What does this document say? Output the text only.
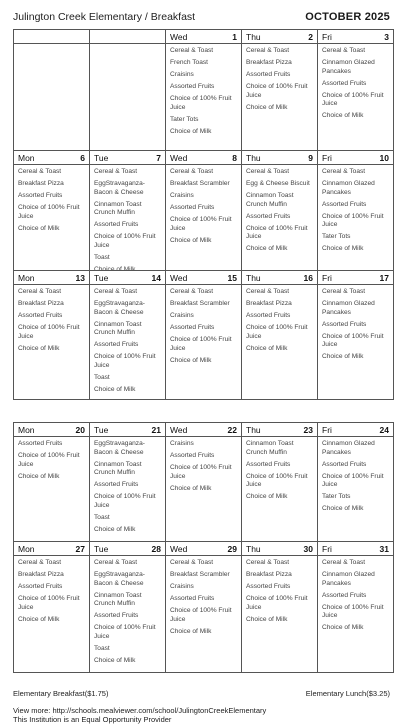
Julington Creek Elementary / Breakfast	OCTOBER 2025
Wed	1
Cereal & Toast
French Toast
Craisins
Assorted Fruits
Choice of 100% Fruit Juice
Tater Tots
Choice of Milk
Thu	2
Cereal & Toast
Breakfast Pizza
Assorted Fruits
Choice of 100% Fruit Juice
Choice of Milk
Fri	3
Cereal & Toast
Cinnamon Glazed Pancakes
Assorted Fruits
Choice of 100% Fruit Juice
Choice of Milk
Mon	6
Cereal & Toast
Breakfast Pizza
Assorted Fruits
Choice of 100% Fruit Juice
Choice of Milk
Tue	7
Cereal & Toast
EggStravaganza-Bacon & Cheese
Cinnamon Toast Crunch Muffin
Assorted Fruits
Choice of 100% Fruit Juice
Toast
Choice of Milk
Wed	8
Cereal & Toast
Breakfast Scrambler
Craisins
Assorted Fruits
Choice of 100% Fruit Juice
Choice of Milk
Thu	9
Cereal & Toast
Egg & Cheese Biscuit
Cinnamon Toast Crunch Muffin
Assorted Fruits
Choice of 100% Fruit Juice
Choice of Milk
Fri	10
Cereal & Toast
Cinnamon Glazed Pancakes
Assorted Fruits
Choice of 100% Fruit Juice
Tater Tots
Choice of Milk
Mon	13
Cereal & Toast
Breakfast Pizza
Assorted Fruits
Choice of 100% Fruit Juice
Choice of Milk
Tue	14
Cereal & Toast
EggStravaganza-Bacon & Cheese
Cinnamon Toast Crunch Muffin
Assorted Fruits
Choice of 100% Fruit Juice
Toast
Choice of Milk
Wed	15
Cereal & Toast
Breakfast Scrambler
Craisins
Assorted Fruits
Choice of 100% Fruit Juice
Choice of Milk
Thu	16
Cereal & Toast
Breakfast Pizza
Assorted Fruits
Choice of 100% Fruit Juice
Choice of Milk
Fri	17
Cereal & Toast
Cinnamon Glazed Pancakes
Assorted Fruits
Choice of 100% Fruit Juice
Choice of Milk
Mon	20
Assorted Fruits
Choice of 100% Fruit Juice
Choice of Milk
Tue	21
EggStravaganza-Bacon & Cheese
Cinnamon Toast Crunch Muffin
Assorted Fruits
Choice of 100% Fruit Juice
Toast
Choice of Milk
Wed	22
Craisins
Assorted Fruits
Choice of 100% Fruit Juice
Choice of Milk
Thu	23
Cinnamon Toast Crunch Muffin
Assorted Fruits
Choice of 100% Fruit Juice
Choice of Milk
Fri	24
Cinnamon Glazed Pancakes
Assorted Fruits
Choice of 100% Fruit Juice
Tater Tots
Choice of Milk
Mon	27
Cereal & Toast
Breakfast Pizza
Assorted Fruits
Choice of 100% Fruit Juice
Choice of Milk
Tue	28
Cereal & Toast
EggStravaganza-Bacon & Cheese
Cinnamon Toast Crunch Muffin
Assorted Fruits
Choice of 100% Fruit Juice
Toast
Choice of Milk
Wed	29
Cereal & Toast
Breakfast Scrambler
Craisins
Assorted Fruits
Choice of 100% Fruit Juice
Choice of Milk
Thu	30
Cereal & Toast
Breakfast Pizza
Assorted Fruits
Choice of 100% Fruit Juice
Choice of Milk
Fri	31
Cereal & Toast
Cinnamon Glazed Pancakes
Assorted Fruits
Choice of 100% Fruit Juice
Choice of Milk
Elementary Breakfast($1.75)	Elementary Lunch($3.25)
View more: http://schools.mealviewer.com/school/JulingtonCreekElementary
This Institution is an Equal Opportunity Provider
